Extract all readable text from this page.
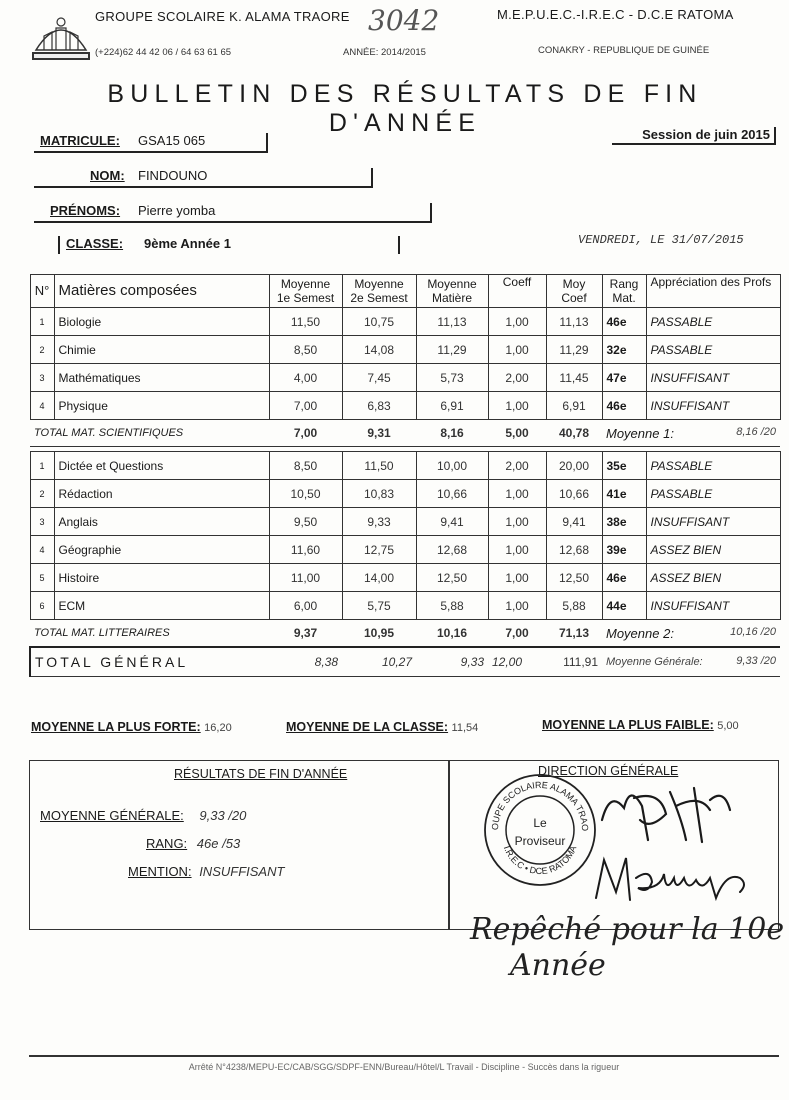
GROUPE SCOLAIRE K. ALAMA TRAORE
(+224)62 44 42 06 / 64 63 61 65
3042
ANNÉE: 2014/2015
M.E.P.U.E.C.-I.R.E.C - D.C.E RATOMA
CONAKRY - REPUBLIQUE DE GUINÉE
BULLETIN DES RÉSULTATS DE FIN D'ANNÉE
MATRICULE: GSA15 065	Session de juin 2015
NOM: FINDOUNO
PRÉNOMS: Pierre yomba
CLASSE: 9ème Année 1	VENDREDI, LE 31/07/2015
N°	Matières composées	Moyenne 1e Semest	Moyenne 2e Semest	Moyenne Matière	Coeff	Moy Coef	Rang Mat.	Appréciation des Profs
1	Biologie	11,50	10,75	11,13	1,00	11,13	46e	PASSABLE
2	Chimie	8,50	14,08	11,29	1,00	11,29	32e	PASSABLE
3	Mathématiques	4,00	7,45	5,73	2,00	11,45	47e	INSUFFISANT
4	Physique	7,00	6,83	6,91	1,00	6,91	46e	INSUFFISANT
TOTAL MAT. SCIENTIFIQUES		7,00	9,31	8,16	5,00	40,78	Moyenne 1: 8,16 /20	

1	Dictée et Questions	8,50	11,50	10,00	2,00	20,00	35e	PASSABLE
2	Rédaction	10,50	10,83	10,66	1,00	10,66	41e	PASSABLE
3	Anglais	9,50	9,33	9,41	1,00	9,41	38e	INSUFFISANT
4	Géographie	11,60	12,75	12,68	1,00	12,68	39e	ASSEZ BIEN
5	Histoire	11,00	14,00	12,50	1,00	12,50	46e	ASSEZ BIEN
6	ECM	6,00	5,75	5,88	1,00	5,88	44e	INSUFFISANT
TOTAL MAT. LITTERAIRES		9,37	10,95	10,16	7,00	71,13	Moyenne 2: 10,16 /20	

TOTAL GÉNÉRAL		8,38	10,27	9,33	12,00	111,91	Moyenne Générale: 9,33 /20	
MOYENNE LA PLUS FORTE: 16,20	MOYENNE DE LA CLASSE: 11,54	MOYENNE LA PLUS FAIBLE: 5,00
RÉSULTATS DE FIN D'ANNÉE
MOYENNE GÉNÉRALE: 9,33 /20
RANG: 46e /53
MENTION: INSUFFISANT
DIRECTION GÉNÉRALE
OUPE SCOLAIRE ALAMA TRAO
I.R.E.C • DCE RATOMA
Le
Proviseur
Repêché pour la 10e
Année
Arrêté N°4238/MEPU-EC/CAB/SGG/SDPF-ENN/Bureau/Hôtel/L Travail - Discipline - Succès dans la rigueur
